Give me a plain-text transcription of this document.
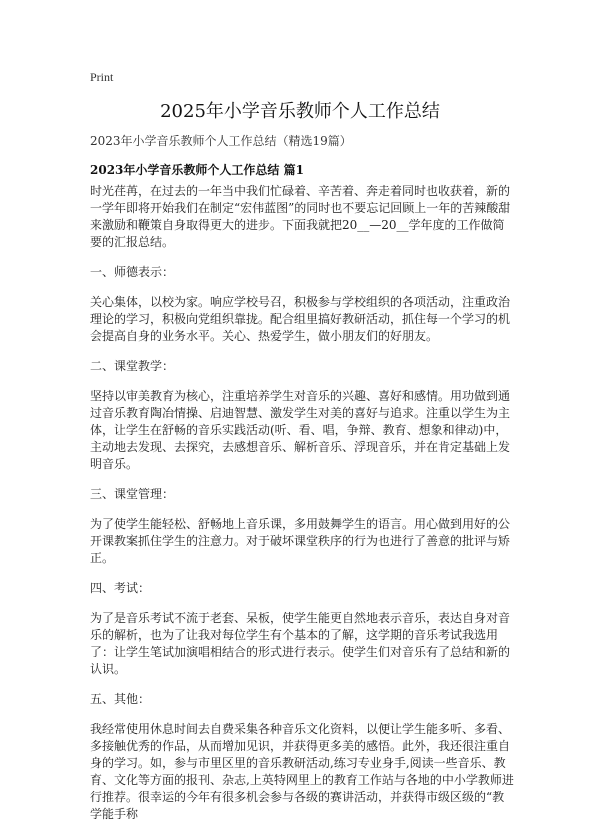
Print
2025年小学音乐教师个人工作总结
2023年小学音乐教师个人工作总结（精选19篇）
2023年小学音乐教师个人工作总结 篇1

时光荏苒，在过去的一年当中我们忙碌着、辛苦着、奔走着同时也收获着，新的一学年即将开始我们在制定“宏伟蓝图”的同时也不要忘记回顾上一年的苦辣酸甜来激励和鞭策自身取得更大的进步。下面我就把20__—20__学年度的工作做简要的汇报总结。

一、师德表示：

关心集体，以校为家。响应学校号召，积极参与学校组织的各项活动，注重政治理论的学习，积极向党组织靠拢。配合组里搞好教研活动，抓住每一个学习的机会提高自身的业务水平。关心、热爱学生，做小朋友们的好朋友。

二、课堂教学：

坚持以审美教育为核心，注重培养学生对音乐的兴趣、喜好和感情。用功做到通过音乐教育陶冶情操、启迪智慧、激发学生对美的喜好与追求。注重以学生为主体，让学生在舒畅的音乐实践活动(听、看、唱，争辩、教育、想象和律动)中，主动地去发现、去探究，去感想音乐、解析音乐、浮现音乐，并在肯定基础上发明音乐。

三、课堂管理：

为了使学生能轻松、舒畅地上音乐课，多用鼓舞学生的语言。用心做到用好的公开课教案抓住学生的注意力。对于破坏课堂秩序的行为也进行了善意的批评与矫正。

四、考试：

为了是音乐考试不流于老套、呆板，使学生能更自然地表示音乐，表达自身对音乐的解析，也为了让我对每位学生有个基本的了解，这学期的音乐考试我选用了：让学生笔试加演唱相结合的形式进行表示。使学生们对音乐有了总结和新的认识。

五、其他：

我经常使用休息时间去自费采集各种音乐文化资料，以便让学生能多听、多看、多接触优秀的作品，从而增加见识，并获得更多美的感悟。此外，我还很注重自身的学习。如，参与市里区里的音乐教研活动,练习专业身手,阅读一些音乐、教育、文化等方面的报刊、杂志,上英特网里上的教育工作站与各地的中小学教师进行推荐。很幸运的今年有很多机会参与各级的赛讲活动，并获得市级区级的“教学能手称
